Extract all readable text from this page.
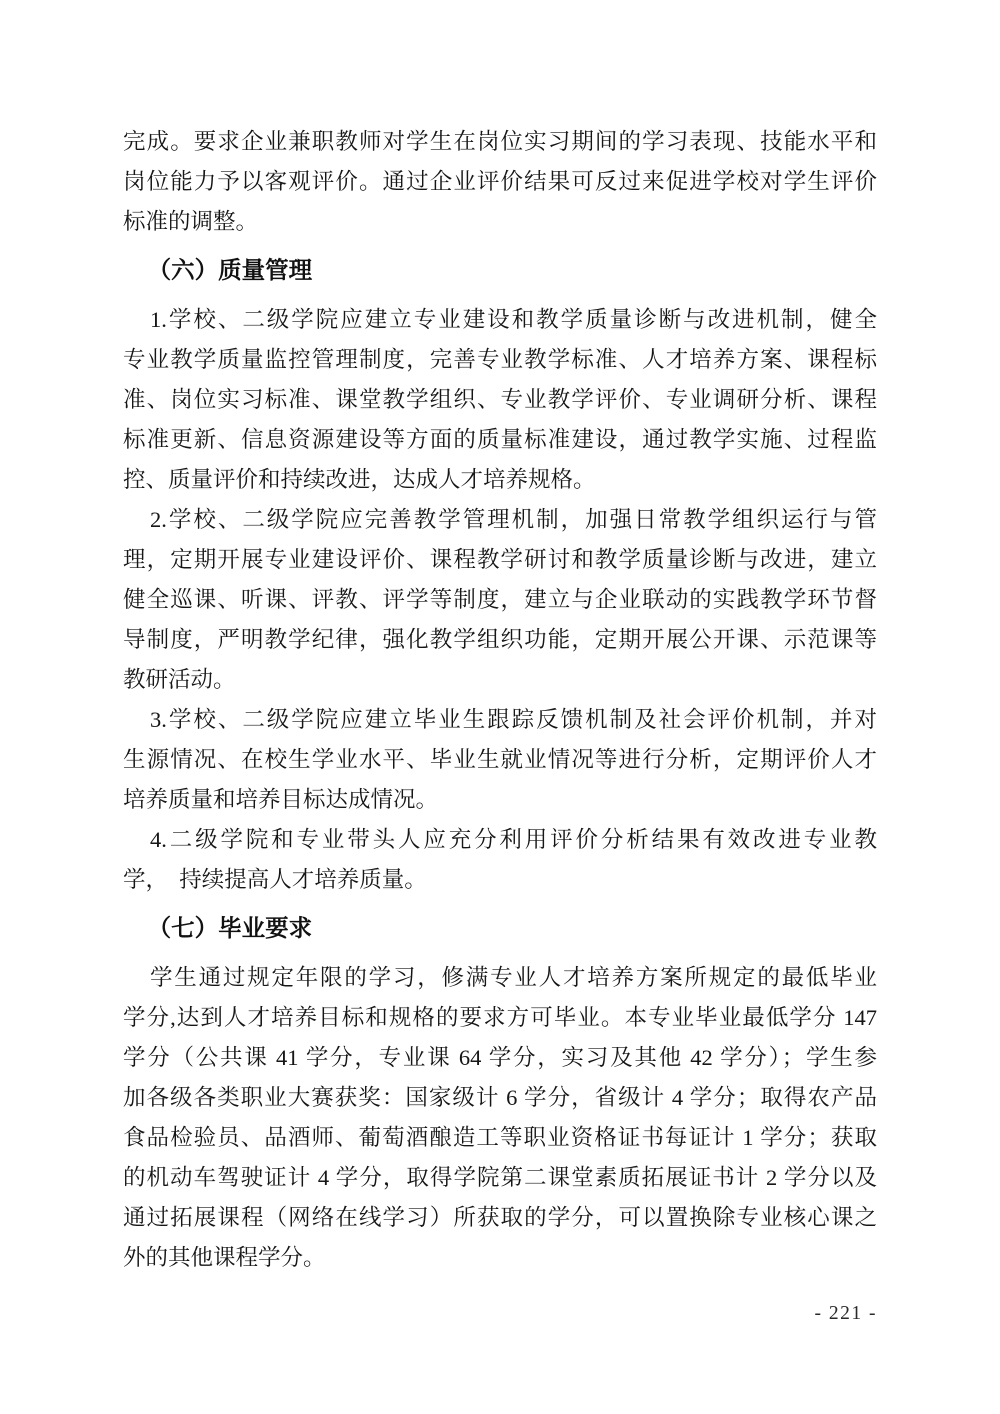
完成。要求企业兼职教师对学生在岗位实习期间的学习表现、技能水平和
岗位能力予以客观评价。通过企业评价结果可反过来促进学校对学生评价
标准的调整。
（六）质量管理
1.学校、二级学院应建立专业建设和教学质量诊断与改进机制，健全
专业教学质量监控管理制度，完善专业教学标准、人才培养方案、课程标
准、岗位实习标准、课堂教学组织、专业教学评价、专业调研分析、课程
标准更新、信息资源建设等方面的质量标准建设，通过教学实施、过程监
控、质量评价和持续改进，达成人才培养规格。
2.学校、二级学院应完善教学管理机制，加强日常教学组织运行与管
理，定期开展专业建设评价、课程教学研讨和教学质量诊断与改进，建立
健全巡课、听课、评教、评学等制度，建立与企业联动的实践教学环节督
导制度，严明教学纪律，强化教学组织功能，定期开展公开课、示范课等
教研活动。
3.学校、二级学院应建立毕业生跟踪反馈机制及社会评价机制，并对
生源情况、在校生学业水平、毕业生就业情况等进行分析，定期评价人才
培养质量和培养目标达成情况。
4.二级学院和专业带头人应充分利用评价分析结果有效改进专业教
学，　持续提高人才培养质量。
（七）毕业要求
学生通过规定年限的学习，修满专业人才培养方案所规定的最低毕业
学分,达到人才培养目标和规格的要求方可毕业。本专业毕业最低学分 147
学分（公共课 41 学分，专业课 64 学分，实习及其他 42 学分）；学生参
加各级各类职业大赛获奖：国家级计 6 学分，省级计 4 学分；取得农产品
食品检验员、品酒师、葡萄酒酿造工等职业资格证书每证计 1 学分；获取
的机动车驾驶证计 4 学分，取得学院第二课堂素质拓展证书计 2 学分以及
通过拓展课程（网络在线学习）所获取的学分，可以置换除专业核心课之
外的其他课程学分。
- 221 -
